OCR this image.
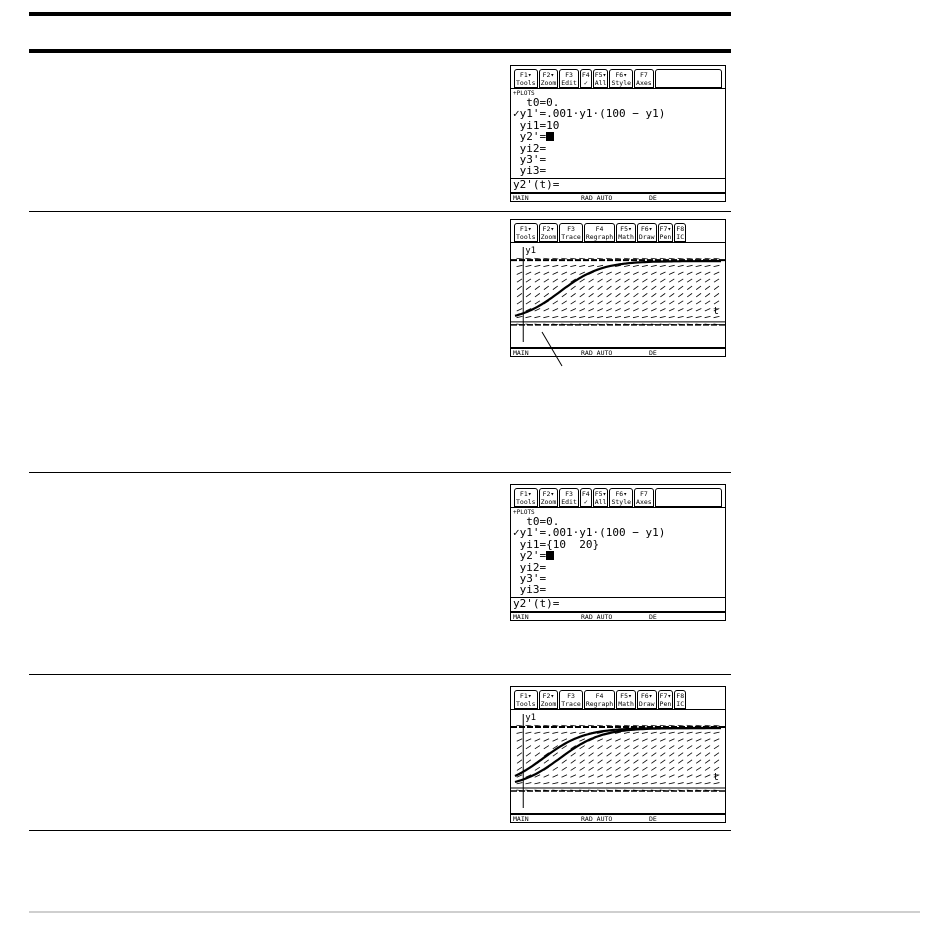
F1▾
Tools
F2▾
Zoom
F3
Edit
F4
✓
F5▾
All
F6▾
Style
F7
Axes
+PLOTS
t0=0.
✓y1'=.001·y1·(100 − y1)
yi1=10
y2'=
yi2=
y3'=
yi3=
y2'(t)=

MAIN

	RAD AUTO

	DE

F1▾
Tools
F2▾
Zoom
F3
Trace
F4
Regraph
F5▾
Math
F6▾
Draw
F7▾
Pen
F8
IC
y1
t

MAIN

	RAD AUTO

	DE

F1▾
Tools
F2▾
Zoom
F3
Edit
F4
✓
F5▾
All
F6▾
Style
F7
Axes
+PLOTS
t0=0.
✓y1'=.001·y1·(100 − y1)
yi1={10  20}
y2'=
yi2=
y3'=
yi3=
y2'(t)=

MAIN

	RAD AUTO

	DE

F1▾
Tools
F2▾
Zoom
F3
Trace
F4
Regraph
F5▾
Math
F6▾
Draw
F7▾
Pen
F8
IC
y1
t

MAIN

	RAD AUTO

	DE
